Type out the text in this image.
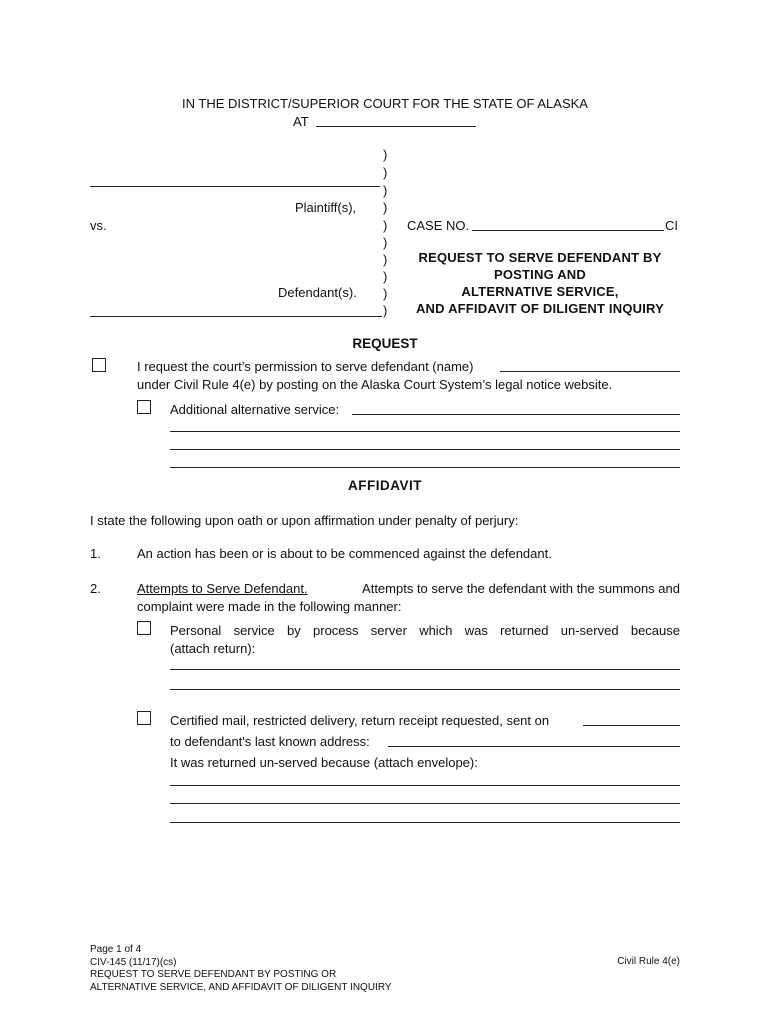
IN THE DISTRICT/SUPERIOR COURT FOR THE STATE OF ALASKA
AT
)
)
)
)
)
)
)
)
)
)
Plaintiff(s),
vs.
Defendant(s).
CASE NO.	CI
REQUEST TO SERVE DEFENDANT BY
POSTING AND
ALTERNATIVE SERVICE,
AND AFFIDAVIT OF DILIGENT INQUIRY
REQUEST
I request the court’s permission to serve defendant (name)
under Civil Rule 4(e) by posting on the Alaska Court System’s legal notice website.
Additional alternative service:
AFFIDAVIT
I state the following upon oath or upon affirmation under penalty of perjury:
1.	An action has been or is about to be commenced against the defendant.
2.	Attempts to Serve Defendant.	Attempts to serve the defendant with the summons and
complaint were made in the following manner:
Personal service by process server which was returned un-served because
(attach return):
Certified mail, restricted delivery, return receipt requested, sent on
to defendant's last known address:
It was returned un-served because (attach envelope):
Page 1 of 4
CIV-145 (11/17)(cs)
REQUEST TO SERVE DEFENDANT BY POSTING OR
ALTERNATIVE SERVICE, AND AFFIDAVIT OF DILIGENT INQUIRY
Civil Rule 4(e)
